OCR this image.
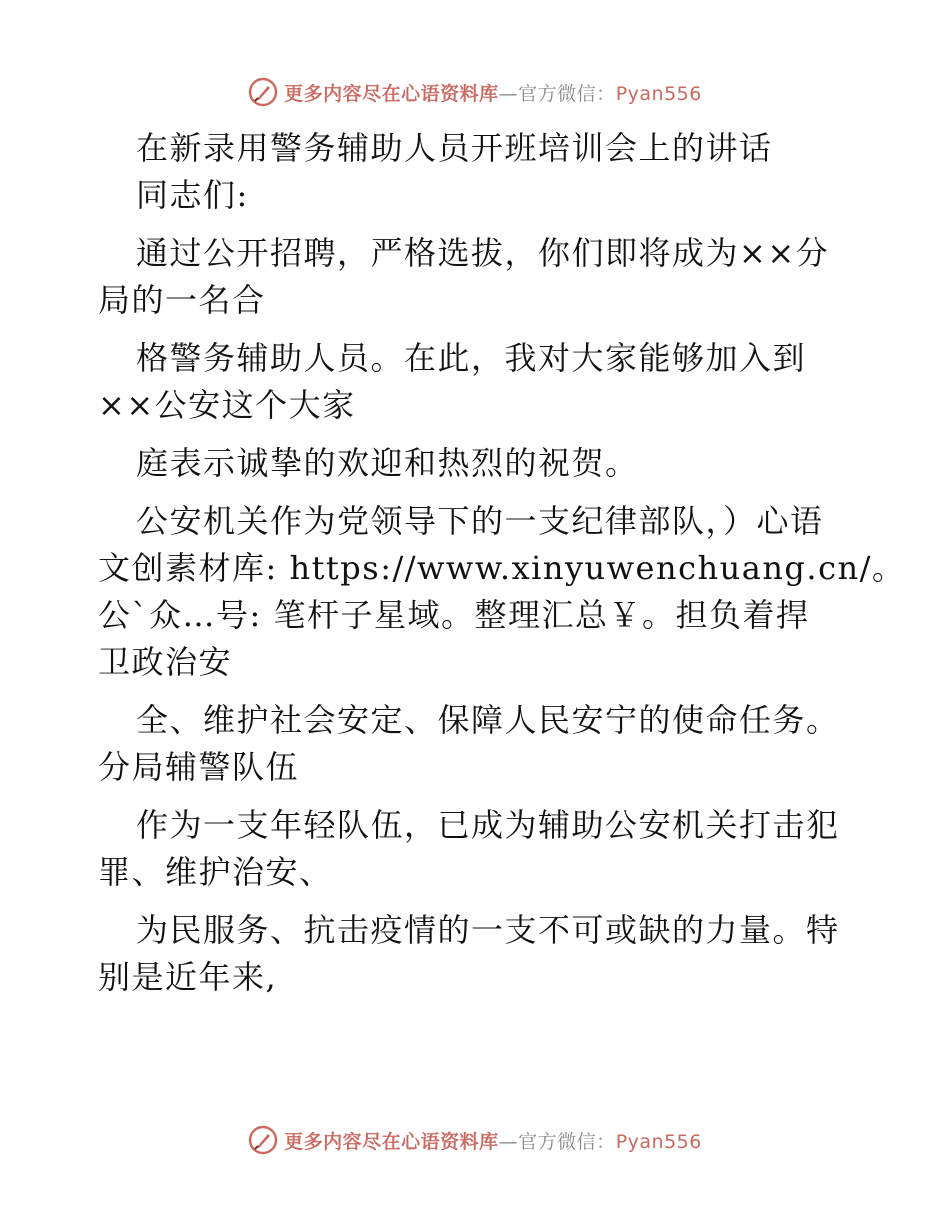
更多内容尽在心语资料库—官方微信：Pyan556
在新录用警务辅助人员开班培训会上的讲话
同志们:
通过公开招聘，严格选拔，你们即将成为××分
局的一名合
格警务辅助人员。在此，我对大家能够加入到
××公安这个大家
庭表示诚挚的欢迎和热烈的祝贺。
公安机关作为党领导下的一支纪律部队，）心语
文创素材库: https://www.xinyuwenchuang.cn/。
公`众…号: 笔杆子星域。整理汇总￥。担负着捍
卫政治安
全、维护社会安定、保障人民安宁的使命任务。
分局辅警队伍
作为一支年轻队伍，已成为辅助公安机关打击犯
罪、维护治安、
为民服务、抗击疫情的一支不可或缺的力量。特
别是近年来,
更多内容尽在心语资料库—官方微信：Pyan556
